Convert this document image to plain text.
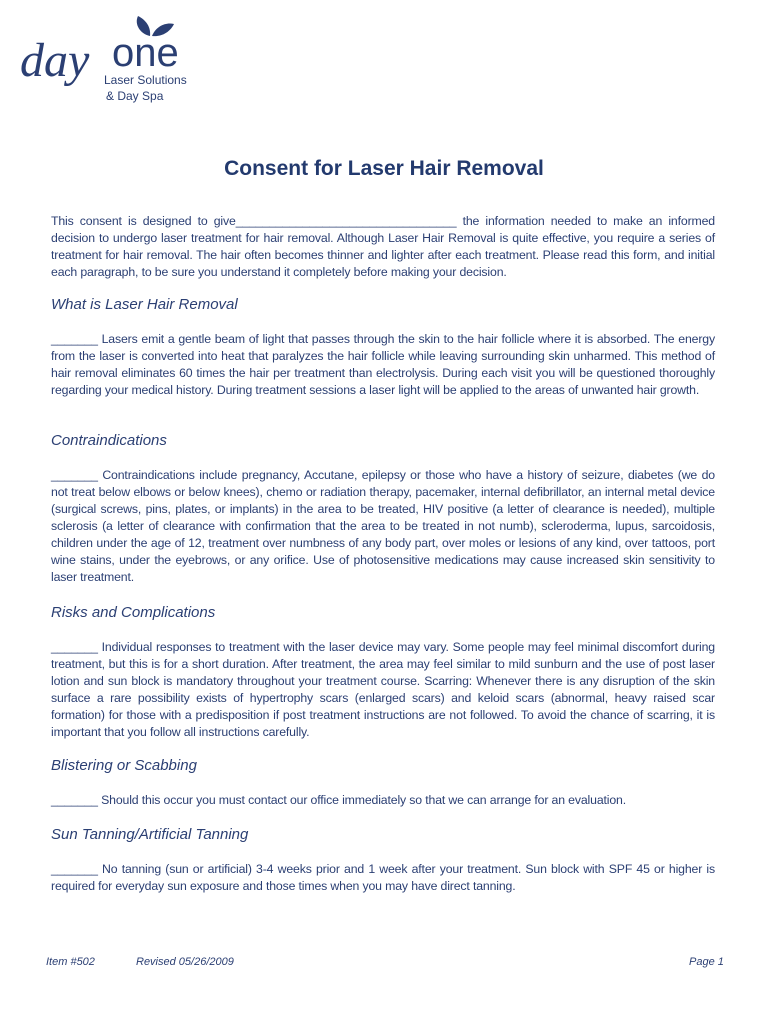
day one
Laser Solutions
& Day Spa
Consent for Laser Hair Removal

This consent is designed to give_________________________________ the information needed to make an informed decision to undergo laser treatment for hair removal. Although Laser Hair Removal is quite effective, you require a series of treatment for hair removal. The hair often becomes thinner and lighter after each treatment. Please read this form, and initial each paragraph, to be sure you understand it completely before making your decision.

What is Laser Hair Removal

_______ Lasers emit a gentle beam of light that passes through the skin to the hair follicle where it is absorbed. The energy from the laser is converted into heat that paralyzes the hair follicle while leaving surrounding skin unharmed. This method of hair removal eliminates 60 times the hair per treatment than electrolysis. During each visit you will be questioned thoroughly regarding your medical history. During treatment sessions a laser light will be applied to the areas of unwanted hair growth.

Contraindications

_______ Contraindications include pregnancy, Accutane, epilepsy or those who have a history of seizure, diabetes (we do not treat below elbows or below knees), chemo or radiation therapy, pacemaker, internal defibrillator, an internal metal device (surgical screws, pins, plates, or implants) in the area to be treated, HIV positive (a letter of clearance is needed), multiple sclerosis (a letter of clearance with confirmation that the area to be treated in not numb), scleroderma, lupus, sarcoidosis, children under the age of 12, treatment over numbness of any body part, over moles or lesions of any kind, over tattoos, port wine stains, under the eyebrows, or any orifice. Use of photosensitive medications may cause increased skin sensitivity to laser treatment.

Risks and Complications

_______ Individual responses to treatment with the laser device may vary. Some people may feel minimal discomfort during treatment, but this is for a short duration. After treatment, the area may feel similar to mild sunburn and the use of post laser lotion and sun block is mandatory throughout your treatment course. Scarring: Whenever there is any disruption of the skin surface a rare possibility exists of hypertrophy scars (enlarged scars) and keloid scars (abnormal, heavy raised scar formation) for those with a predisposition if post treatment instructions are not followed. To avoid the chance of scarring, it is important that you follow all instructions carefully.

Blistering or Scabbing

_______ Should this occur you must contact our office immediately so that we can arrange for an evaluation.

Sun Tanning/Artificial Tanning

_______ No tanning (sun or artificial) 3-4 weeks prior and 1 week after your treatment. Sun block with SPF 45 or higher is required for everyday sun exposure and those times when you may have direct tanning.

Item #502	Revised 05/26/2009	Page 1
